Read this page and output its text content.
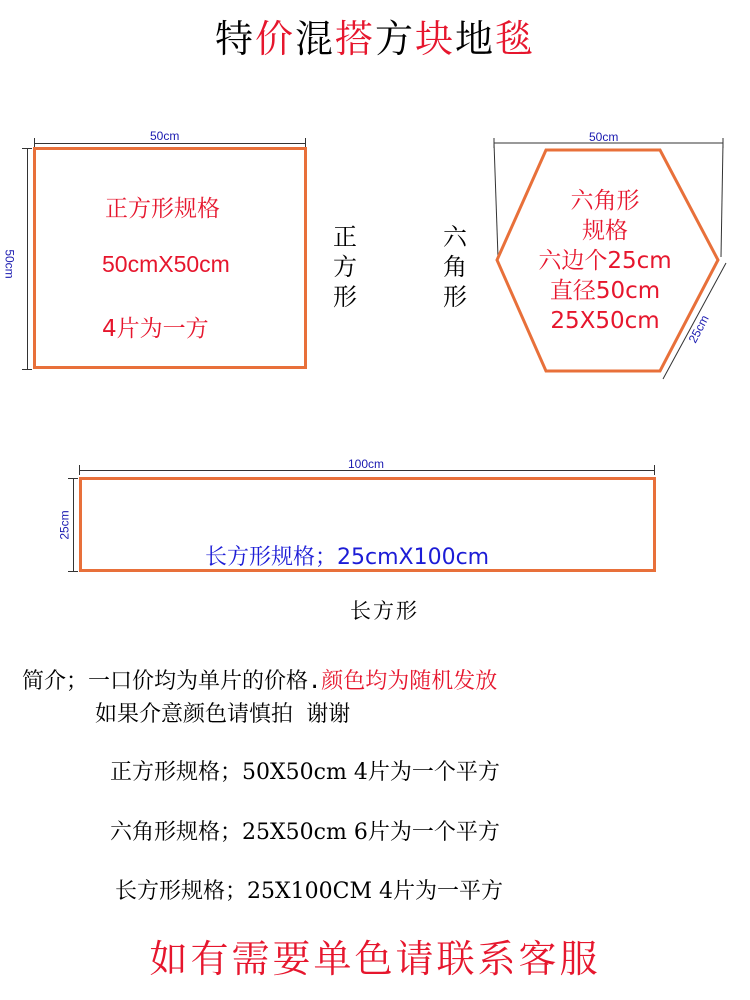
特价混搭方块地毯
50cm
50cm
正方形规格
50cmX50cm
4片为一方
正
方
形
六
角
形
50cm
25cm
六角形
规格
六边个25cm
直径50cm
25X50cm
100cm
25cm
长方形规格；25cmX100cm
长方形
简介；一口价均为单片的价格.颜色均为随机发放
如果介意颜色请慎拍 谢谢
正方形规格；50X50cm 4片为一个平方
六角形规格；25X50cm 6片为一个平方
长方形规格；25X100CM 4片为一平方
如有需要单色请联系客服
